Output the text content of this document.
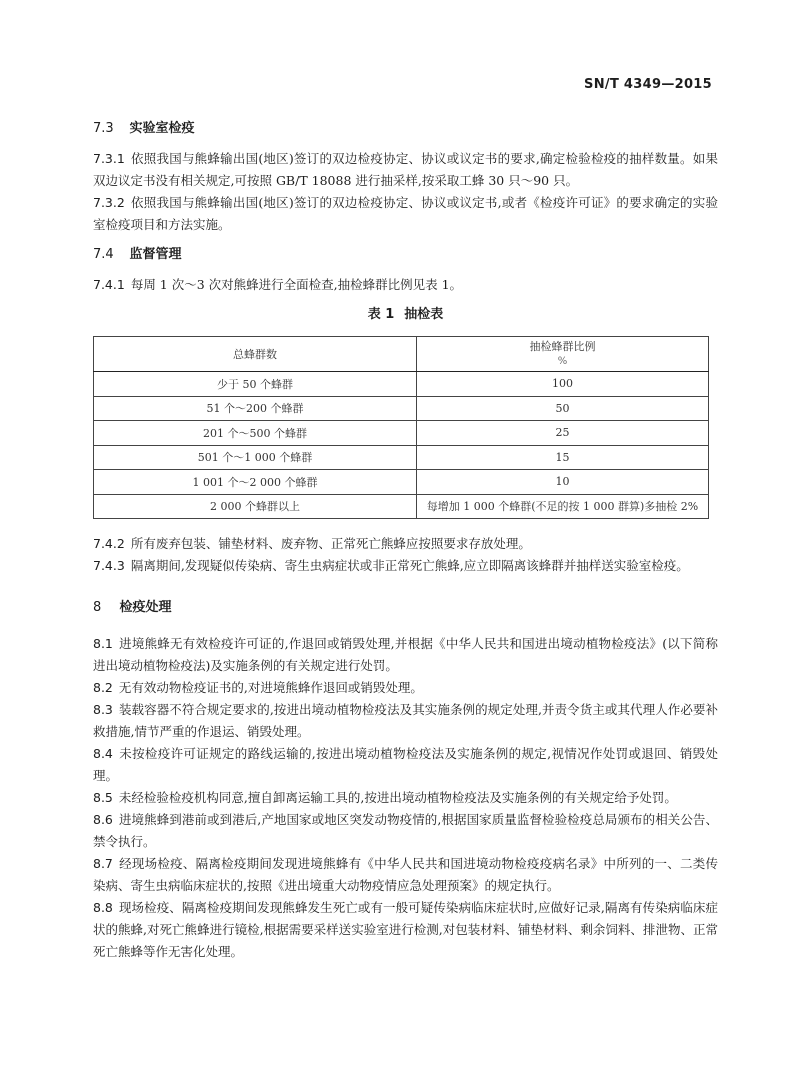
SN/T 4349—2015
7.3 实验室检疫
7.3.1 依照我国与熊蜂输出国(地区)签订的双边检疫协定、协议或议定书的要求,确定检验检疫的抽样数量。如果双边议定书没有相关规定,可按照 GB/T 18088 进行抽采样,按采取工蜂 30 只～90 只。
7.3.2 依照我国与熊蜂输出国(地区)签订的双边检疫协定、协议或议定书,或者《检疫许可证》的要求确定的实验室检疫项目和方法实施。
7.4 监督管理
7.4.1 每周 1 次～3 次对熊蜂进行全面检查,抽检蜂群比例见表 1。
表 1 抽检表
总蜂群数	抽检蜂群比例
%

少于 50 个蜂群	100
51 个～200 个蜂群	50
201 个～500 个蜂群	25
501 个～1 000 个蜂群	15
1 001 个～2 000 个蜂群	10
2 000 个蜂群以上	每增加 1 000 个蜂群(不足的按 1 000 群算)多抽检 2%
7.4.2 所有废弃包装、铺垫材料、废弃物、正常死亡熊蜂应按照要求存放处理。
7.4.3 隔离期间,发现疑似传染病、寄生虫病症状或非正常死亡熊蜂,应立即隔离该蜂群并抽样送实验室检疫。
8 检疫处理
8.1 进境熊蜂无有效检疫许可证的,作退回或销毁处理,并根据《中华人民共和国进出境动植物检疫法》(以下简称进出境动植物检疫法)及实施条例的有关规定进行处罚。
8.2 无有效动物检疫证书的,对进境熊蜂作退回或销毁处理。
8.3 装载容器不符合规定要求的,按进出境动植物检疫法及其实施条例的规定处理,并责令货主或其代理人作必要补救措施,情节严重的作退运、销毁处理。
8.4 未按检疫许可证规定的路线运输的,按进出境动植物检疫法及实施条例的规定,视情况作处罚或退回、销毁处理。
8.5 未经检验检疫机构同意,擅自卸离运输工具的,按进出境动植物检疫法及实施条例的有关规定给予处罚。
8.6 进境熊蜂到港前或到港后,产地国家或地区突发动物疫情的,根据国家质量监督检验检疫总局颁布的相关公告、禁令执行。
8.7 经现场检疫、隔离检疫期间发现进境熊蜂有《中华人民共和国进境动物检疫疫病名录》中所列的一、二类传染病、寄生虫病临床症状的,按照《进出境重大动物疫情应急处理预案》的规定执行。
8.8 现场检疫、隔离检疫期间发现熊蜂发生死亡或有一般可疑传染病临床症状时,应做好记录,隔离有传染病临床症状的熊蜂,对死亡熊蜂进行镜检,根据需要采样送实验室进行检测,对包装材料、铺垫材料、剩余饲料、排泄物、正常死亡熊蜂等作无害化处理。
